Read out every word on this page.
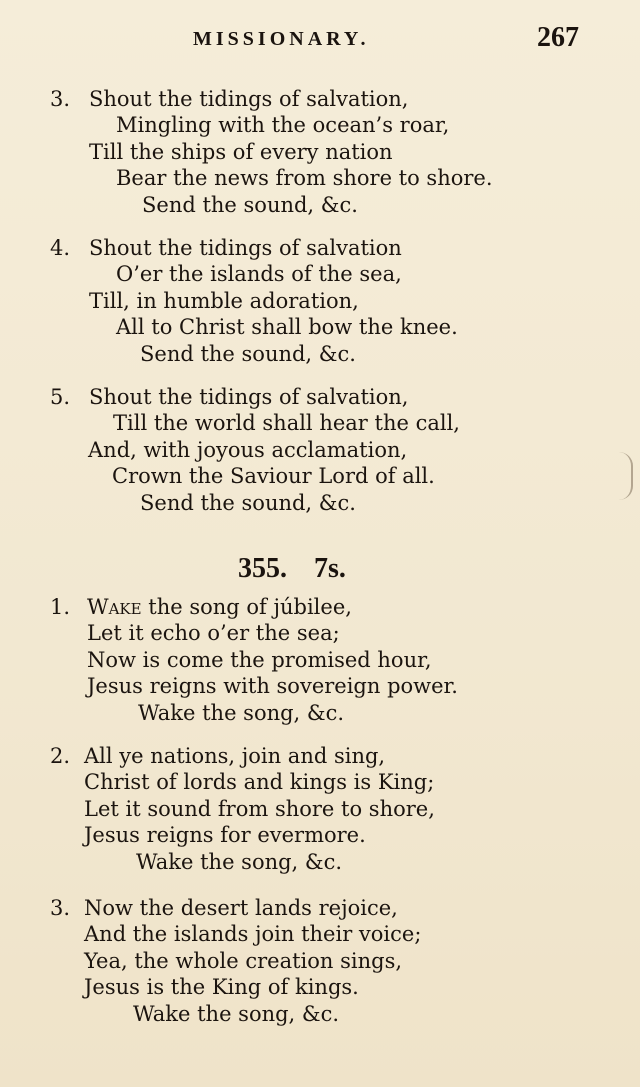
MISSIONARY.	267
3. Shout the tidings of salvation,
Mingling with the ocean’s roar,
Till the ships of every nation
Bear the news from shore to shore.
Send the sound, &c.
4. Shout the tidings of salvation
O’er the islands of the sea,
Till, in humble adoration,
All to Christ shall bow the knee.
Send the sound, &c.
5. Shout the tidings of salvation,
Till the world shall hear the call,
And, with joyous acclamation,
Crown the Saviour Lord of all.
Send the sound, &c.
355. 7s.
1. Wake the song of júbilee,
Let it echo o’er the sea;
Now is come the promised hour,
Jesus reigns with sovereign power.
Wake the song, &c.
2. All ye nations, join and sing,
Christ of lords and kings is King;
Let it sound from shore to shore,
Jesus reigns for evermore.
Wake the song, &c.
3. Now the desert lands rejoice,
And the islands join their voice;
Yea, the whole creation sings,
Jesus is the King of kings.
Wake the song, &c.
